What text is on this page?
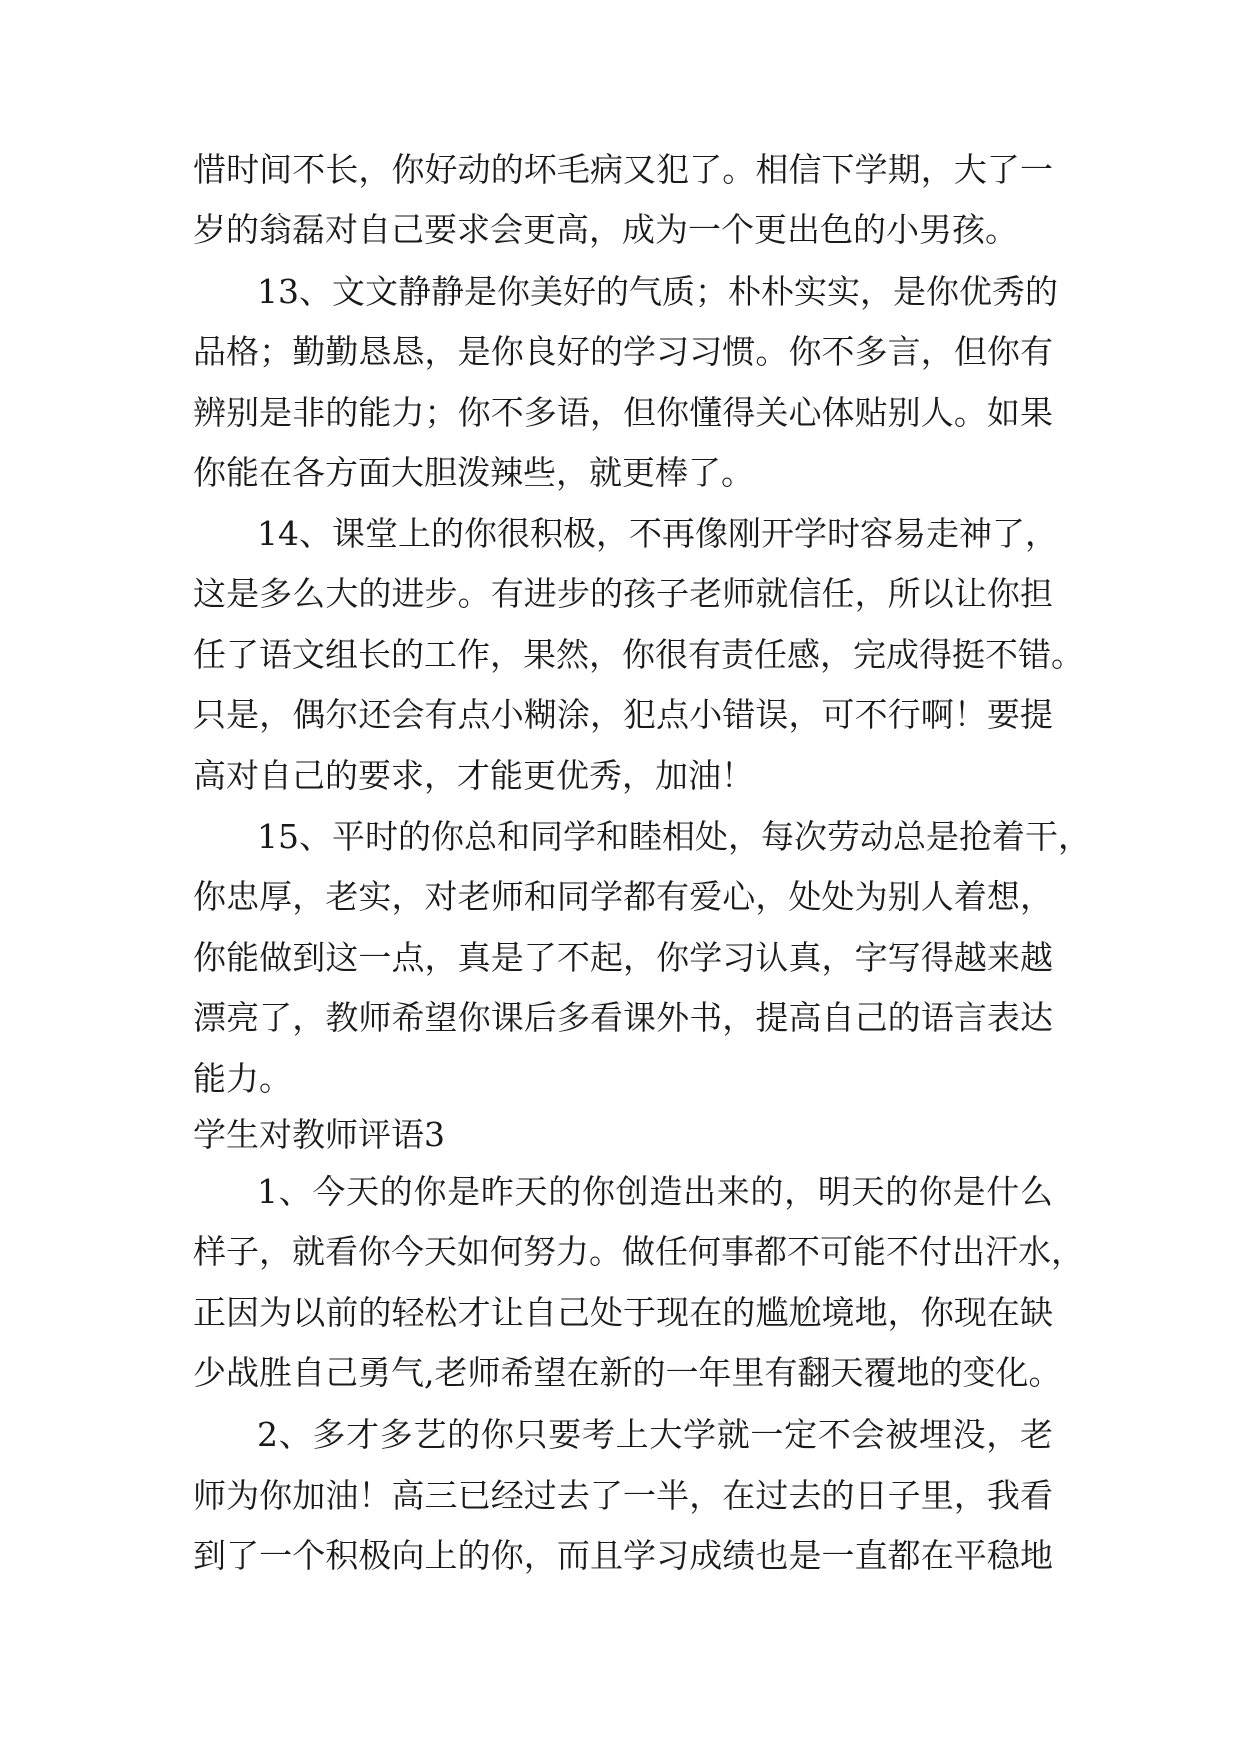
惜时间不长，你好动的坏毛病又犯了。相信下学期，大了一
岁的翁磊对自己要求会更高，成为一个更出色的小男孩。
13、文文静静是你美好的气质；朴朴实实，是你优秀的
品格；勤勤恳恳，是你良好的学习习惯。你不多言，但你有
辨别是非的能力；你不多语，但你懂得关心体贴别人。如果
你能在各方面大胆泼辣些，就更棒了。
14、课堂上的你很积极，不再像刚开学时容易走神了，
这是多么大的进步。有进步的孩子老师就信任，所以让你担
任了语文组长的工作，果然，你很有责任感，完成得挺不错。
只是，偶尔还会有点小糊涂，犯点小错误，可不行啊！要提
高对自己的要求，才能更优秀，加油！
15、平时的你总和同学和睦相处，每次劳动总是抢着干，
你忠厚，老实，对老师和同学都有爱心，处处为别人着想，
你能做到这一点，真是了不起，你学习认真，字写得越来越
漂亮了，教师希望你课后多看课外书，提高自己的语言表达
能力。
学生对教师评语3
1、今天的你是昨天的你创造出来的，明天的你是什么
样子，就看你今天如何努力。做任何事都不可能不付出汗水，
正因为以前的轻松才让自己处于现在的尴尬境地，你现在缺
少战胜自己勇气,老师希望在新的一年里有翻天覆地的变化。
2、多才多艺的你只要考上大学就一定不会被埋没，老
师为你加油！高三已经过去了一半，在过去的日子里，我看
到了一个积极向上的你，而且学习成绩也是一直都在平稳地
